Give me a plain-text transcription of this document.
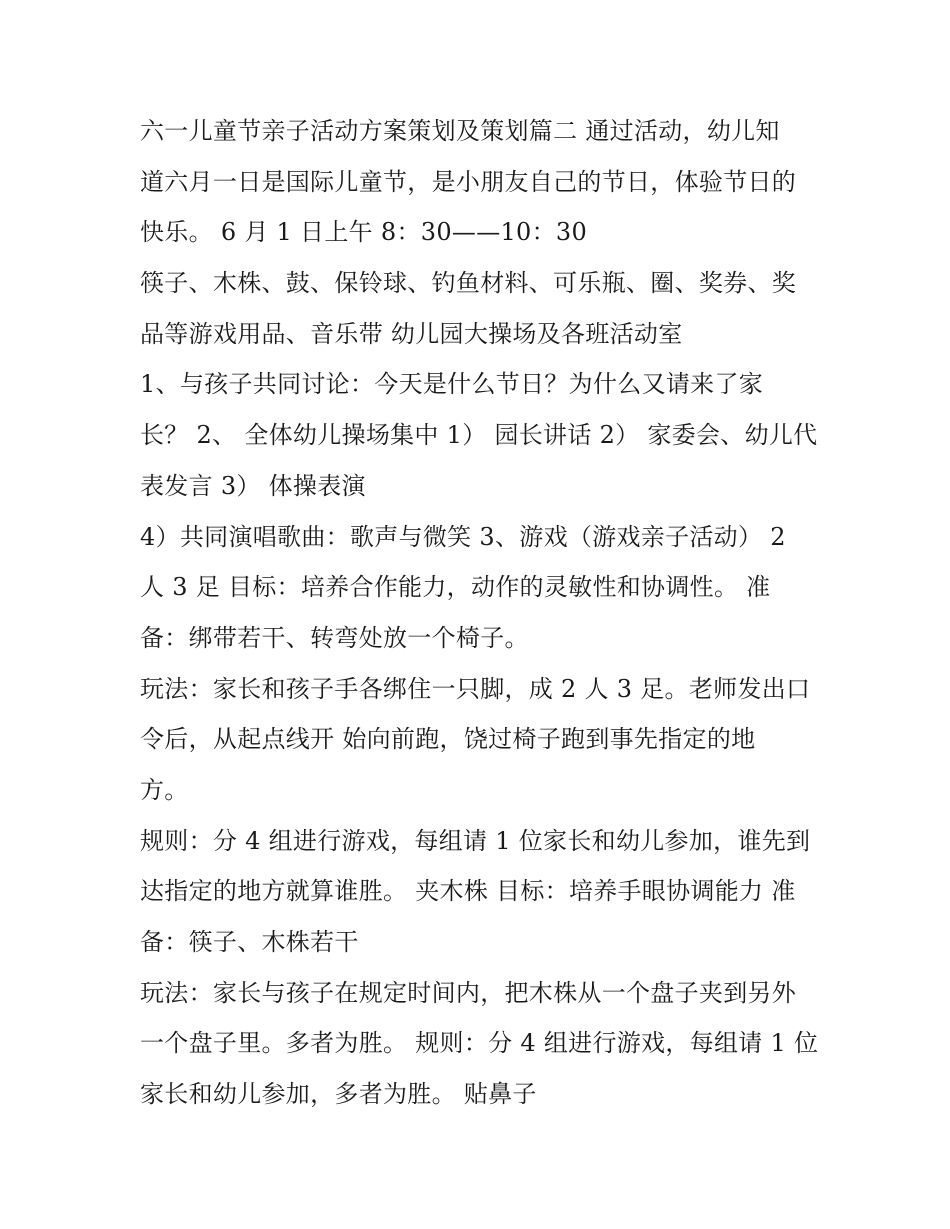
六一儿童节亲子活动方案策划及策划篇二 通过活动，幼儿知
道六月一日是国际儿童节，是小朋友自己的节日，体验节日的
快乐。 6 月 1 日上午 8：30——10：30
筷子、木株、鼓、保铃球、钓鱼材料、可乐瓶、圈、奖券、奖
品等游戏用品、音乐带 幼儿园大操场及各班活动室
1、与孩子共同讨论：今天是什么节日？为什么又请来了家
长？ 2、 全体幼儿操场集中 1） 园长讲话 2） 家委会、幼儿代
表发言 3） 体操表演
4）共同演唱歌曲：歌声与微笑 3、游戏（游戏亲子活动） 2
人 3 足 目标：培养合作能力，动作的灵敏性和协调性。 准
备：绑带若干、转弯处放一个椅子。
玩法：家长和孩子手各绑住一只脚，成 2 人 3 足。老师发出口
令后，从起点线开 始向前跑，饶过椅子跑到事先指定的地
方。
规则：分 4 组进行游戏，每组请 1 位家长和幼儿参加，谁先到
达指定的地方就算谁胜。 夹木株 目标：培养手眼协调能力 准
备：筷子、木株若干
玩法：家长与孩子在规定时间内，把木株从一个盘子夹到另外
一个盘子里。多者为胜。 规则：分 4 组进行游戏，每组请 1 位
家长和幼儿参加，多者为胜。 贴鼻子
